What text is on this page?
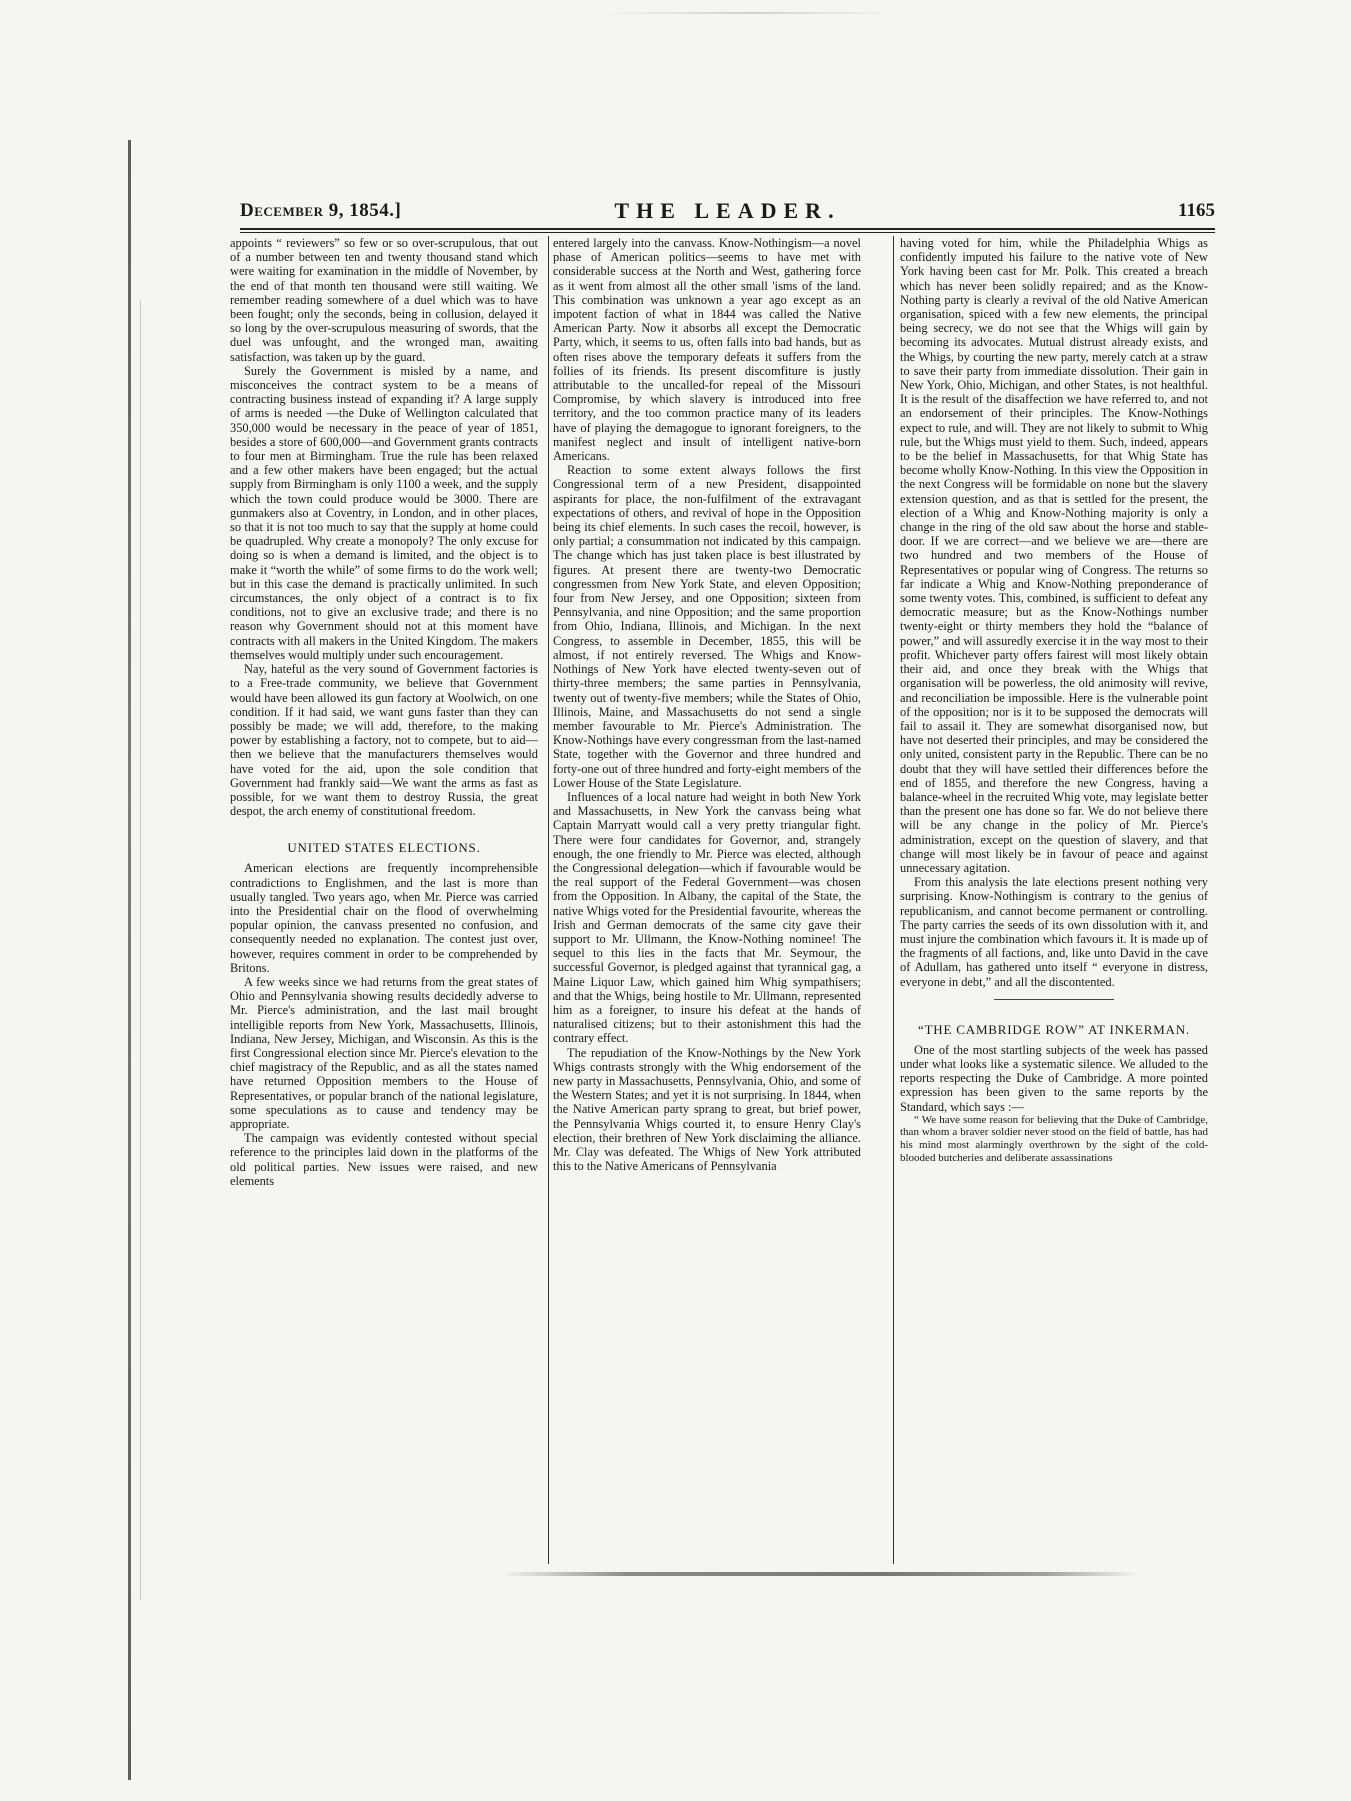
December 9, 1854.]	THE LEADER.	1165

appoints “ reviewers” so few or so over-scrupulous, that out of a number between ten and twenty thousand stand which were waiting for examination in the middle of November, by the end of that month ten thousand were still waiting. We remember reading somewhere of a duel which was to have been fought; only the seconds, being in collusion, delayed it so long by the over-scrupulous measuring of swords, that the duel was unfought, and the wronged man, awaiting satisfaction, was taken up by the guard.

Surely the Government is misled by a name, and misconceives the contract system to be a means of contracting business instead of expanding it? A large supply of arms is needed —the Duke of Wellington calculated that 350,000 would be necessary in the peace of year of 1851, besides a store of 600,000—and Government grants contracts to four men at Birmingham. True the rule has been relaxed and a few other makers have been engaged; but the actual supply from Birmingham is only 1100 a week, and the supply which the town could produce would be 3000. There are gunmakers also at Coventry, in London, and in other places, so that it is not too much to say that the supply at home could be quadrupled. Why create a monopoly? The only excuse for doing so is when a demand is limited, and the object is to make it “worth the while” of some firms to do the work well; but in this case the demand is practically unlimited. In such circumstances, the only object of a contract is to fix conditions, not to give an exclusive trade; and there is no reason why Government should not at this moment have contracts with all makers in the United Kingdom. The makers themselves would multiply under such encouragement.

Nay, hateful as the very sound of Government factories is to a Free-trade community, we believe that Government would have been allowed its gun factory at Woolwich, on one condition. If it had said, we want guns faster than they can possibly be made; we will add, therefore, to the making power by establishing a factory, not to compete, but to aid—then we believe that the manufacturers themselves would have voted for the aid, upon the sole condition that Government had frankly said—We want the arms as fast as possible, for we want them to destroy Russia, the great despot, the arch enemy of constitutional freedom.

UNITED STATES ELECTIONS.

American elections are frequently incomprehensible contradictions to Englishmen, and the last is more than usually tangled. Two years ago, when Mr. Pierce was carried into the Presidential chair on the flood of overwhelming popular opinion, the canvass presented no confusion, and consequently needed no explanation. The contest just over, however, requires comment in order to be comprehended by Britons.

A few weeks since we had returns from the great states of Ohio and Pennsylvania showing results decidedly adverse to Mr. Pierce's administration, and the last mail brought intelligible reports from New York, Massachusetts, Illinois, Indiana, New Jersey, Michigan, and Wisconsin. As this is the first Congressional election since Mr. Pierce's elevation to the chief magistracy of the Republic, and as all the states named have returned Opposition members to the House of Representatives, or popular branch of the national legislature, some speculations as to cause and tendency may be appropriate.

The campaign was evidently contested without special reference to the principles laid down in the platforms of the old political parties. New issues were raised, and new elements

entered largely into the canvass. Know-Nothingism—a novel phase of American politics—seems to have met with considerable success at the North and West, gathering force as it went from almost all the other small 'isms of the land. This combination was unknown a year ago except as an impotent faction of what in 1844 was called the Native American Party. Now it absorbs all except the Democratic Party, which, it seems to us, often falls into bad hands, but as often rises above the temporary defeats it suffers from the follies of its friends. Its present discomfiture is justly attributable to the uncalled-for repeal of the Missouri Compromise, by which slavery is introduced into free territory, and the too common practice many of its leaders have of playing the demagogue to ignorant foreigners, to the manifest neglect and insult of intelligent native-born Americans.

Reaction to some extent always follows the first Congressional term of a new President, disappointed aspirants for place, the non-fulfilment of the extravagant expectations of others, and revival of hope in the Opposition being its chief elements. In such cases the recoil, however, is only partial; a consummation not indicated by this campaign. The change which has just taken place is best illustrated by figures. At present there are twenty-two Democratic congressmen from New York State, and eleven Opposition; four from New Jersey, and one Opposition; sixteen from Pennsylvania, and nine Opposition; and the same proportion from Ohio, Indiana, Illinois, and Michigan. In the next Congress, to assemble in December, 1855, this will be almost, if not entirely reversed. The Whigs and Know-Nothings of New York have elected twenty-seven out of thirty-three members; the same parties in Pennsylvania, twenty out of twenty-five members; while the States of Ohio, Illinois, Maine, and Massachusetts do not send a single member favourable to Mr. Pierce's Administration. The Know-Nothings have every congressman from the last-named State, together with the Governor and three hundred and forty-one out of three hundred and forty-eight members of the Lower House of the State Legislature.

Influences of a local nature had weight in both New York and Massachusetts, in New York the canvass being what Captain Marryatt would call a very pretty triangular fight. There were four candidates for Governor, and, strangely enough, the one friendly to Mr. Pierce was elected, although the Congressional delegation—which if favourable would be the real support of the Federal Government—was chosen from the Opposition. In Albany, the capital of the State, the native Whigs voted for the Presidential favourite, whereas the Irish and German democrats of the same city gave their support to Mr. Ullmann, the Know-Nothing nominee! The sequel to this lies in the facts that Mr. Seymour, the successful Governor, is pledged against that tyrannical gag, a Maine Liquor Law, which gained him Whig sympathisers; and that the Whigs, being hostile to Mr. Ullmann, represented him as a foreigner, to insure his defeat at the hands of naturalised citizens; but to their astonishment this had the contrary effect.

The repudiation of the Know-Nothings by the New York Whigs contrasts strongly with the Whig endorsement of the new party in Massachusetts, Pennsylvania, Ohio, and some of the Western States; and yet it is not surprising. In 1844, when the Native American party sprang to great, but brief power, the Pennsylvania Whigs courted it, to ensure Henry Clay's election, their brethren of New York disclaiming the alliance. Mr. Clay was defeated. The Whigs of New York attributed this to the Native Americans of Pennsylvania

having voted for him, while the Philadelphia Whigs as confidently imputed his failure to the native vote of New York having been cast for Mr. Polk. This created a breach which has never been solidly repaired; and as the Know-Nothing party is clearly a revival of the old Native American organisation, spiced with a few new elements, the principal being secrecy, we do not see that the Whigs will gain by becoming its advocates. Mutual distrust already exists, and the Whigs, by courting the new party, merely catch at a straw to save their party from immediate dissolution. Their gain in New York, Ohio, Michigan, and other States, is not healthful. It is the result of the disaffection we have referred to, and not an endorsement of their principles. The Know-Nothings expect to rule, and will. They are not likely to submit to Whig rule, but the Whigs must yield to them. Such, indeed, appears to be the belief in Massachusetts, for that Whig State has become wholly Know-Nothing. In this view the Opposition in the next Congress will be formidable on none but the slavery extension question, and as that is settled for the present, the election of a Whig and Know-Nothing majority is only a change in the ring of the old saw about the horse and stable-door. If we are correct—and we believe we are—there are two hundred and two members of the House of Representatives or popular wing of Congress. The returns so far indicate a Whig and Know-Nothing preponderance of some twenty votes. This, combined, is sufficient to defeat any democratic measure; but as the Know-Nothings number twenty-eight or thirty members they hold the “balance of power,” and will assuredly exercise it in the way most to their profit. Whichever party offers fairest will most likely obtain their aid, and once they break with the Whigs that organisation will be powerless, the old animosity will revive, and reconciliation be impossible. Here is the vulnerable point of the opposition; nor is it to be supposed the democrats will fail to assail it. They are somewhat disorganised now, but have not deserted their principles, and may be considered the only united, consistent party in the Republic. There can be no doubt that they will have settled their differences before the end of 1855, and therefore the new Congress, having a balance-wheel in the recruited Whig vote, may legislate better than the present one has done so far. We do not believe there will be any change in the policy of Mr. Pierce's administration, except on the question of slavery, and that change will most likely be in favour of peace and against unnecessary agitation.

From this analysis the late elections present nothing very surprising. Know-Nothingism is contrary to the genius of republicanism, and cannot become permanent or controlling. The party carries the seeds of its own dissolution with it, and must injure the combination which favours it. It is made up of the fragments of all factions, and, like unto David in the cave of Adullam, has gathered unto itself “ everyone in distress, everyone in debt,” and all the discontented.

“THE CAMBRIDGE ROW” AT INKERMAN.

One of the most startling subjects of the week has passed under what looks like a systematic silence. We alluded to the reports respecting the Duke of Cambridge. A more pointed expression has been given to the same reports by the Standard, which says :—

“ We have some reason for believing that the Duke of Cambridge, than whom a braver soldier never stood on the field of battle, has had his mind most alarmingly overthrown by the sight of the cold-blooded butcheries and deliberate assassinations
